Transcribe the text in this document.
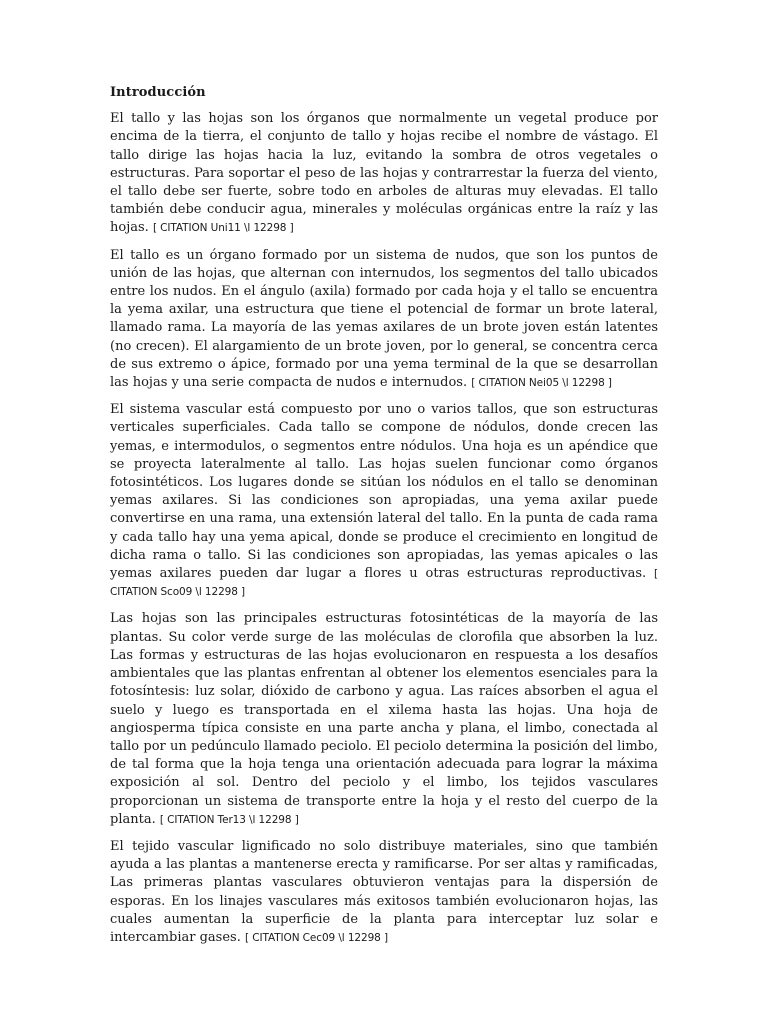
Introducción

El tallo y las hojas son los órganos que normalmente un vegetal produce por encima de la tierra, el conjunto de tallo y hojas recibe el nombre de vástago. El tallo dirige las hojas hacia la luz, evitando la sombra de otros vegetales o estructuras. Para soportar el peso de las hojas y contrarrestar la fuerza del viento, el tallo debe ser fuerte, sobre todo en arboles de alturas muy elevadas. El tallo también debe conducir agua, minerales y moléculas orgánicas entre la raíz y las hojas. [ CITATION Uni11 \l 12298 ]

El tallo es un órgano formado por un sistema de nudos, que son los puntos de unión de las hojas, que alternan con internudos, los segmentos del tallo ubicados entre los nudos. En el ángulo (axila) formado por cada hoja y el tallo se encuentra la yema axilar, una estructura que tiene el potencial de formar un brote lateral, llamado rama. La mayoría de las yemas axilares de un brote joven están latentes (no crecen). El alargamiento de un brote joven, por lo general, se concentra cerca de sus extremo o ápice, formado por una yema terminal de la que se desarrollan las hojas y una serie compacta de nudos e internudos. [ CITATION Nei05 \l 12298 ]

El sistema vascular está compuesto por uno o varios tallos, que son estructuras verticales superficiales. Cada tallo se compone de nódulos, donde crecen las yemas, e intermodulos, o segmentos entre nódulos. Una hoja es un apéndice que se proyecta lateralmente al tallo. Las hojas suelen funcionar como órganos fotosintéticos. Los lugares donde se sitúan los nódulos en el tallo se denominan yemas axilares. Si las condiciones son apropiadas, una yema axilar puede convertirse en una rama, una extensión lateral del tallo. En la punta de cada rama y cada tallo hay una yema apical, donde se produce el crecimiento en longitud de dicha rama o tallo. Si las condiciones son apropiadas, las yemas apicales o las yemas axilares pueden dar lugar a flores u otras estructuras reproductivas. [ CITATION Sco09 \l 12298 ]

Las hojas son las principales estructuras fotosintéticas de la mayoría de las plantas. Su color verde surge de las moléculas de clorofila que absorben la luz. Las formas y estructuras de las hojas evolucionaron en respuesta a los desafíos ambientales que las plantas enfrentan al obtener los elementos esenciales para la fotosíntesis: luz solar, dióxido de carbono y agua. Las raíces absorben el agua el suelo y luego es transportada en el xilema hasta las hojas. Una hoja de angiosperma típica consiste en una parte ancha y plana, el limbo, conectada al tallo por un pedúnculo llamado peciolo. El peciolo determina la posición del limbo, de tal forma que la hoja tenga una orientación adecuada para lograr la máxima exposición al sol. Dentro del peciolo y el limbo, los tejidos vasculares proporcionan un sistema de transporte entre la hoja y el resto del cuerpo de la planta. [ CITATION Ter13 \l 12298 ]

El tejido vascular lignificado no solo distribuye materiales, sino que también ayuda a las plantas a mantenerse erecta y ramificarse. Por ser altas y ramificadas, Las primeras plantas vasculares obtuvieron ventajas para la dispersión de esporas. En los linajes vasculares más exitosos también evolucionaron hojas, las cuales aumentan la superficie de la planta para interceptar luz solar e intercambiar gases. [ CITATION Cec09 \l 12298 ]
